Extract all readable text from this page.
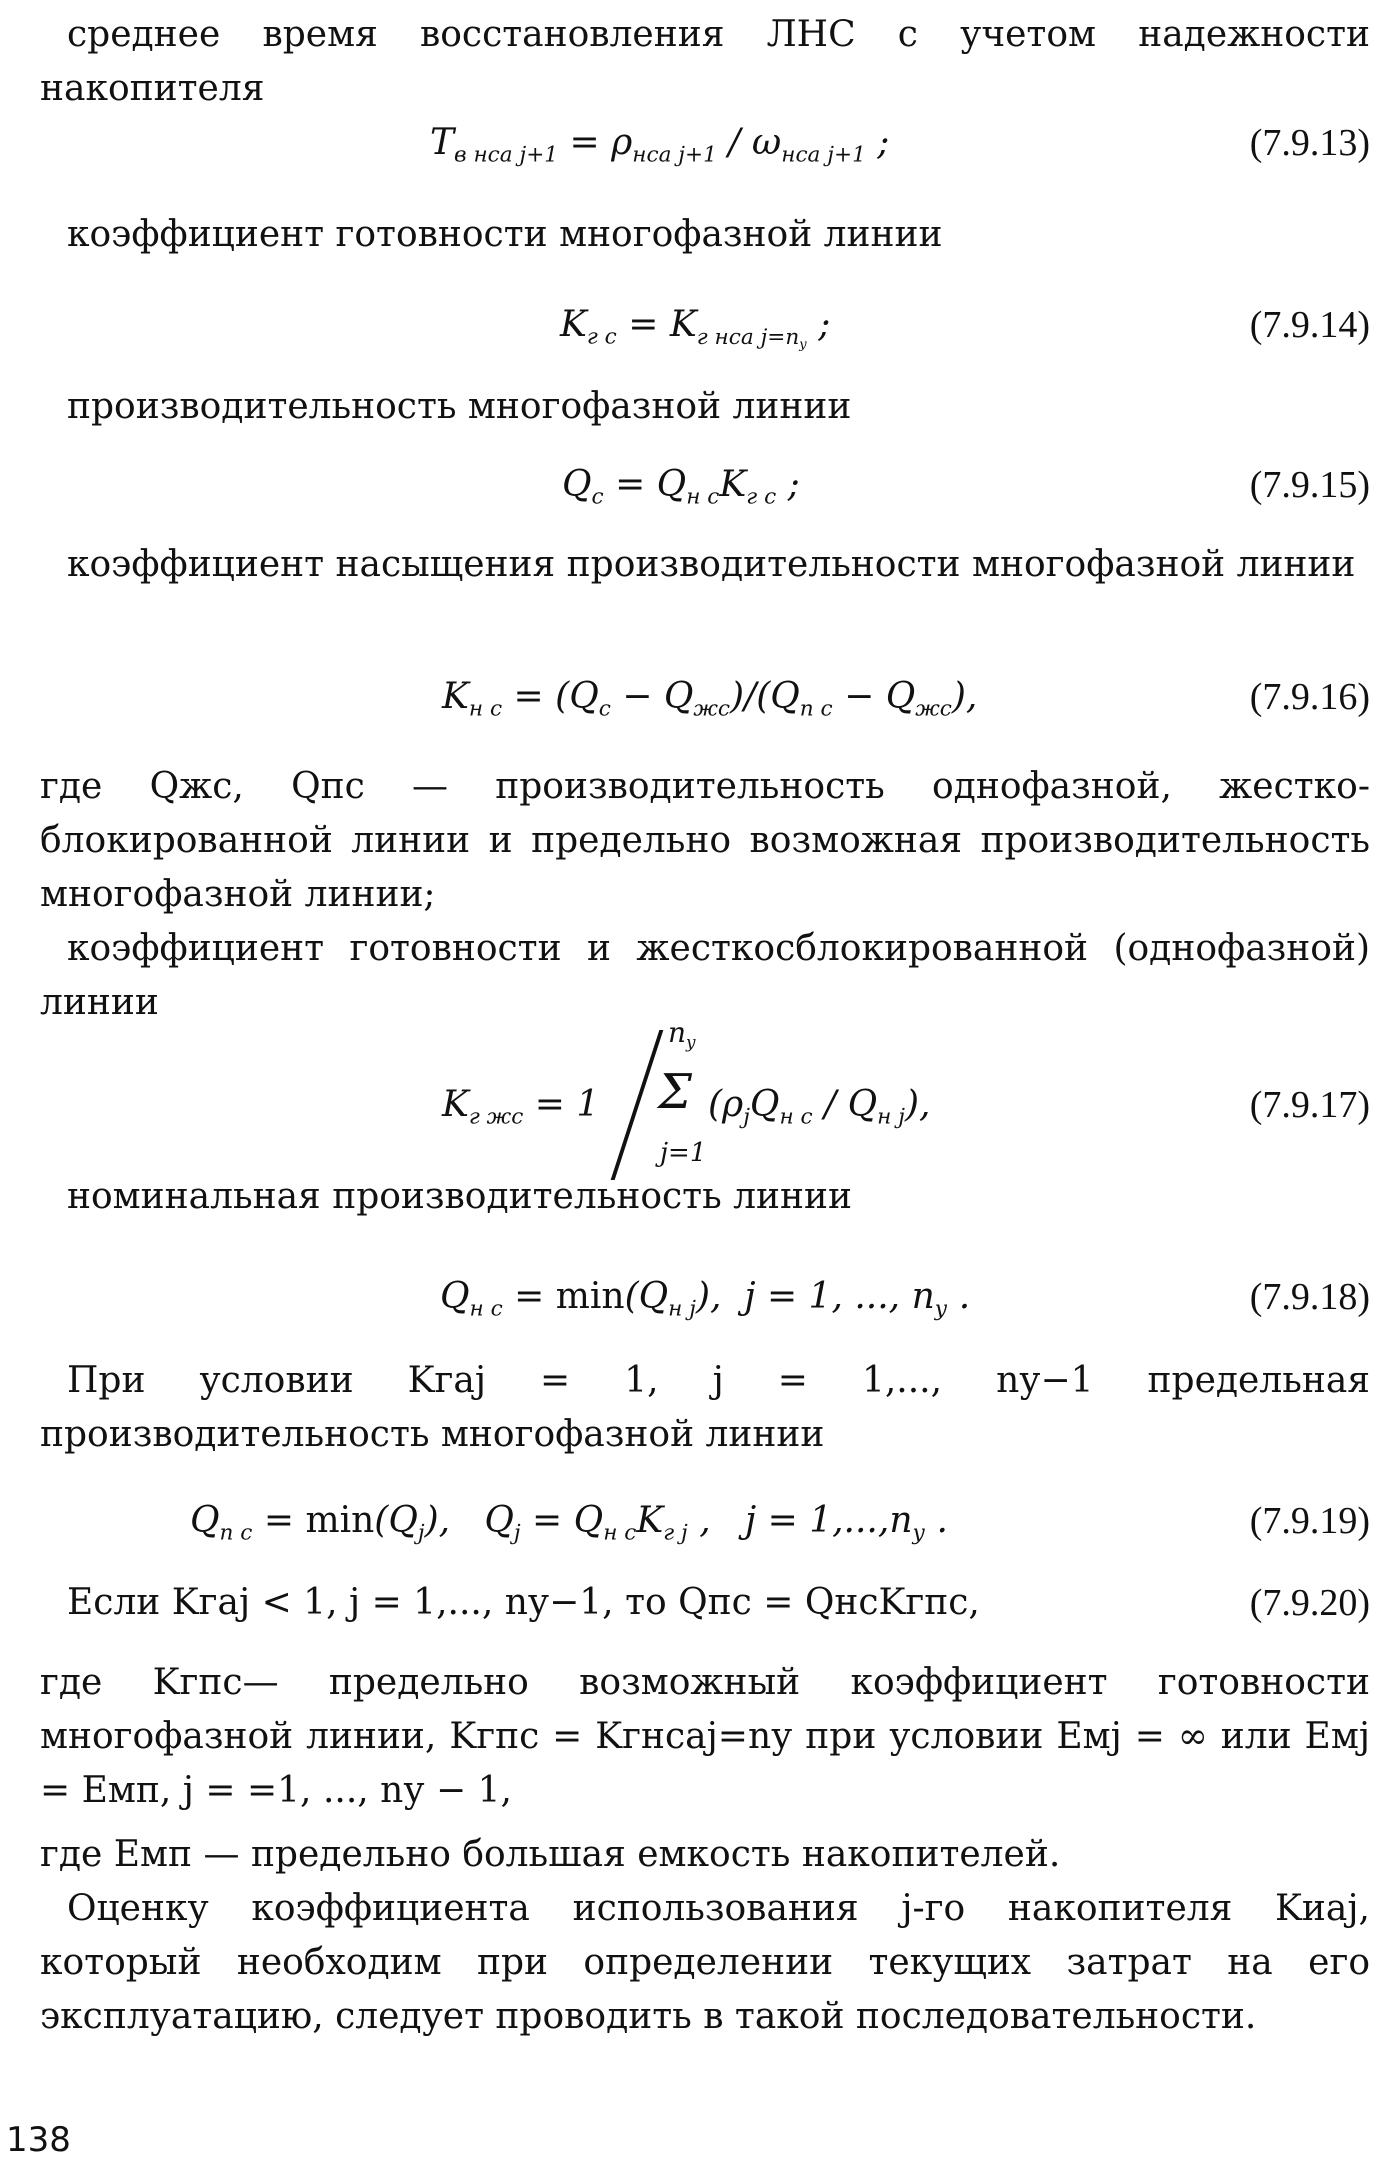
среднее время восстановления ЛНС с учетом надежности накопителя
$T_{в нса j+1} = \rho_{нса j+1} / \omega_{нса j+1}$ ;	(7.9.13)
коэффициент готовности многофазной линии
$K_{г с} = K_{г нса j=n_у}$ ;	(7.9.14)
производительность многофазной линии
$Q_с = Q_{н с}K_{г с}$ ;	(7.9.15)
коэффициент насыщения производительности многофазной линии
$K_{н с} = (Q_с - Q_{жс})/(Q_{п с} - Q_{жс})$,	(7.9.16)
где Qжс, Qпс — производительность однофазной, жесткоблокированной линии и предельно возможная производительность многофазной линии;
коэффициент готовности и жесткосблокированной (однофазной) линии
$K_{г жс} = 1$
$n_у$
Σ
j=1
$(\rho_jQ_{н с} / Q_{н j})$,	(7.9.17)
номинальная производительность линии
$Q_{н с} = \min(Q_{н j})$,  j = 1, ..., $n_у$ .	(7.9.18)
При условии Kгаj = 1, j = 1,..., nу−1 предельная производительность многофазной линии
$Q_{п с} = \min(Q_j)$,   $Q_j = Q_{н с}K_{г j}$ ,   $j = 1,...,n_у$ .	(7.9.19)
Если Kгаj < 1, j = 1,..., nу−1, то Qпс = QнсKгпс,	(7.9.20)
где Kгпс— предельно возможный коэффициент готовности многофазной линии, Kгпс = Kгнсаj=nу при условии Eмj = ∞ или Eмj = Eмп, j = =1, ..., nу − 1,
где Eмп — предельно большая емкость накопителей.
Оценку коэффициента использования j-го накопителя Kиаj, который необходим при определении текущих затрат на его эксплуатацию, следует проводить в такой последовательности.
138
